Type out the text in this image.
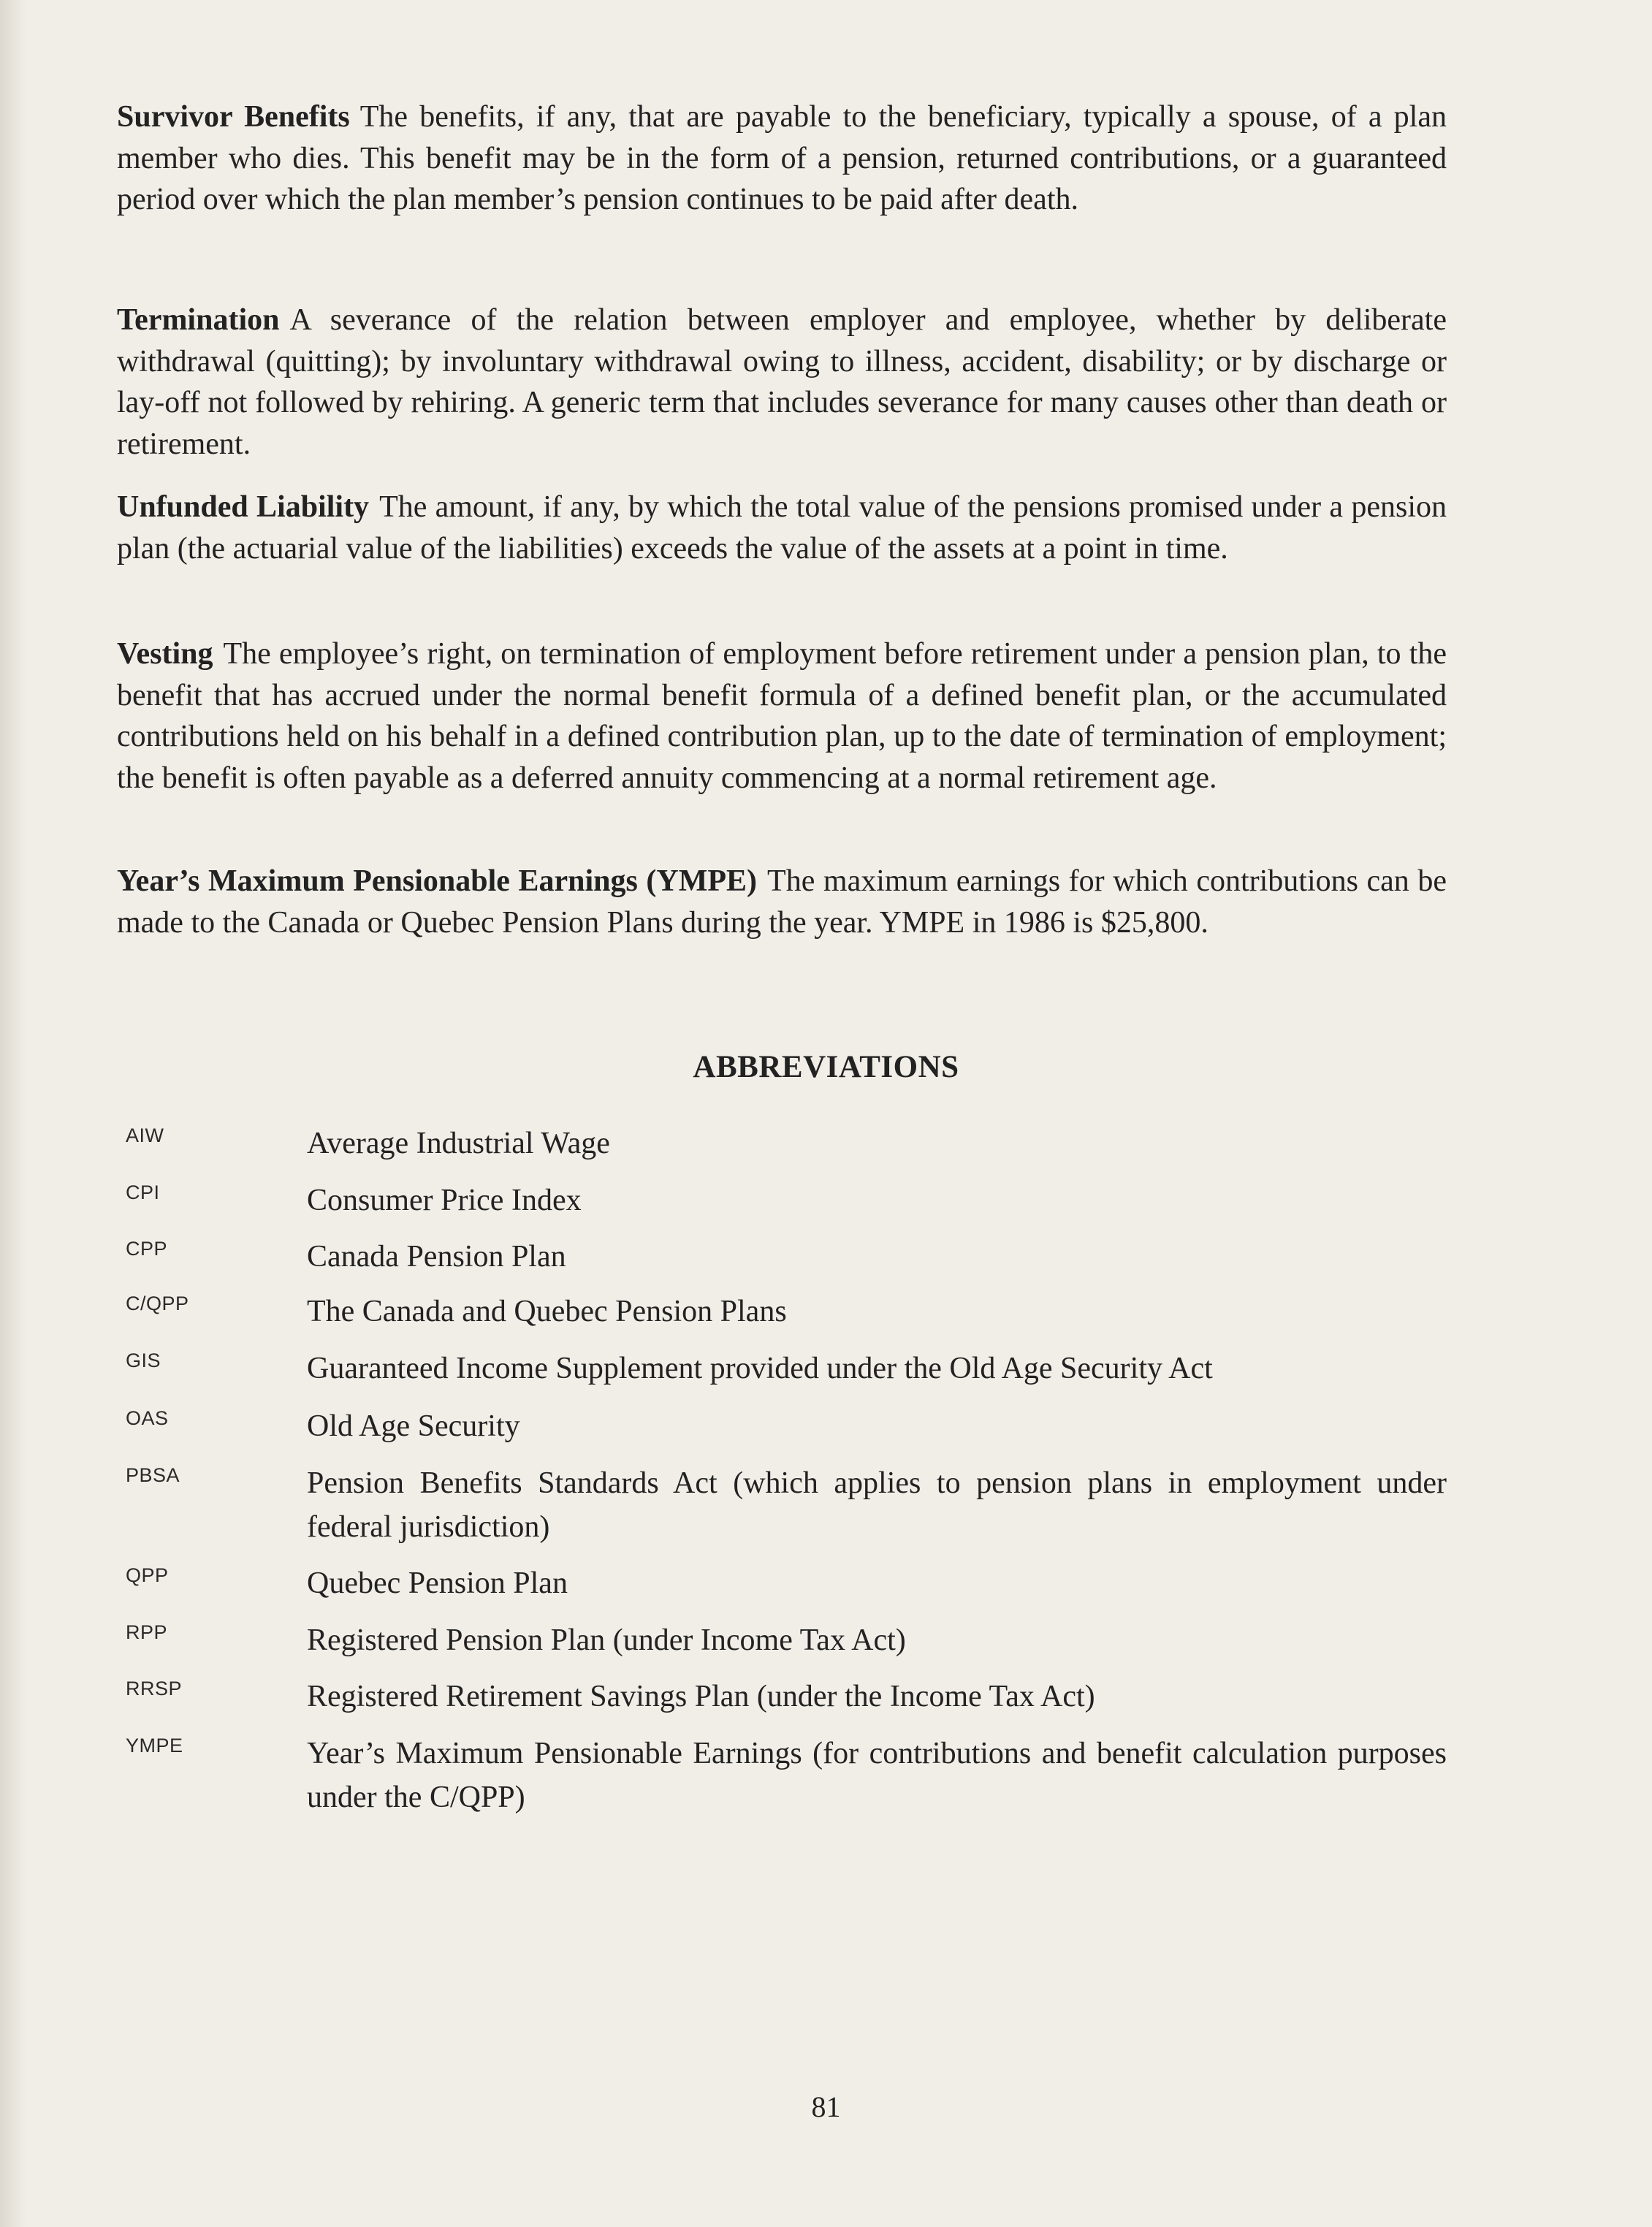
Survivor Benefits The benefits, if any, that are payable to the beneficiary, typically a spouse, of a plan member who dies. This benefit may be in the form of a pension, returned contributions, or a guaranteed period over which the plan member’s pension continues to be paid after death.

Termination A severance of the relation between employer and employee, whether by deliberate withdrawal (quitting); by involuntary withdrawal owing to illness, accident, disability; or by discharge or lay-off not followed by rehiring. A generic term that includes severance for many causes other than death or retirement.

Unfunded Liability The amount, if any, by which the total value of the pensions promised under a pension plan (the actuarial value of the liabilities) exceeds the value of the assets at a point in time.

Vesting The employee’s right, on termination of employment before retirement under a pension plan, to the benefit that has accrued under the normal benefit formula of a defined benefit plan, or the accumulated contributions held on his behalf in a defined contribution plan, up to the date of termination of employment; the benefit is often payable as a deferred annuity commencing at a normal retirement age.

Year’s Maximum Pensionable Earnings (YMPE) The maximum earnings for which contributions can be made to the Canada or Quebec Pension Plans during the year. YMPE in 1986 is $25,800.

ABBREVIATIONS
AIW	Average Industrial Wage
CPI	Consumer Price Index
CPP	Canada Pension Plan
C/QPP	The Canada and Quebec Pension Plans
GIS	Guaranteed Income Supplement provided under the Old Age Security Act
OAS	Old Age Security
PBSA	Pension Benefits Standards Act (which applies to pension plans in employment under federal jurisdiction)
QPP	Quebec Pension Plan
RPP	Registered Pension Plan (under Income Tax Act)
RRSP	Registered Retirement Savings Plan (under the Income Tax Act)
YMPE	Year’s Maximum Pensionable Earnings (for contributions and benefit calculation purposes under the C/QPP)

81
